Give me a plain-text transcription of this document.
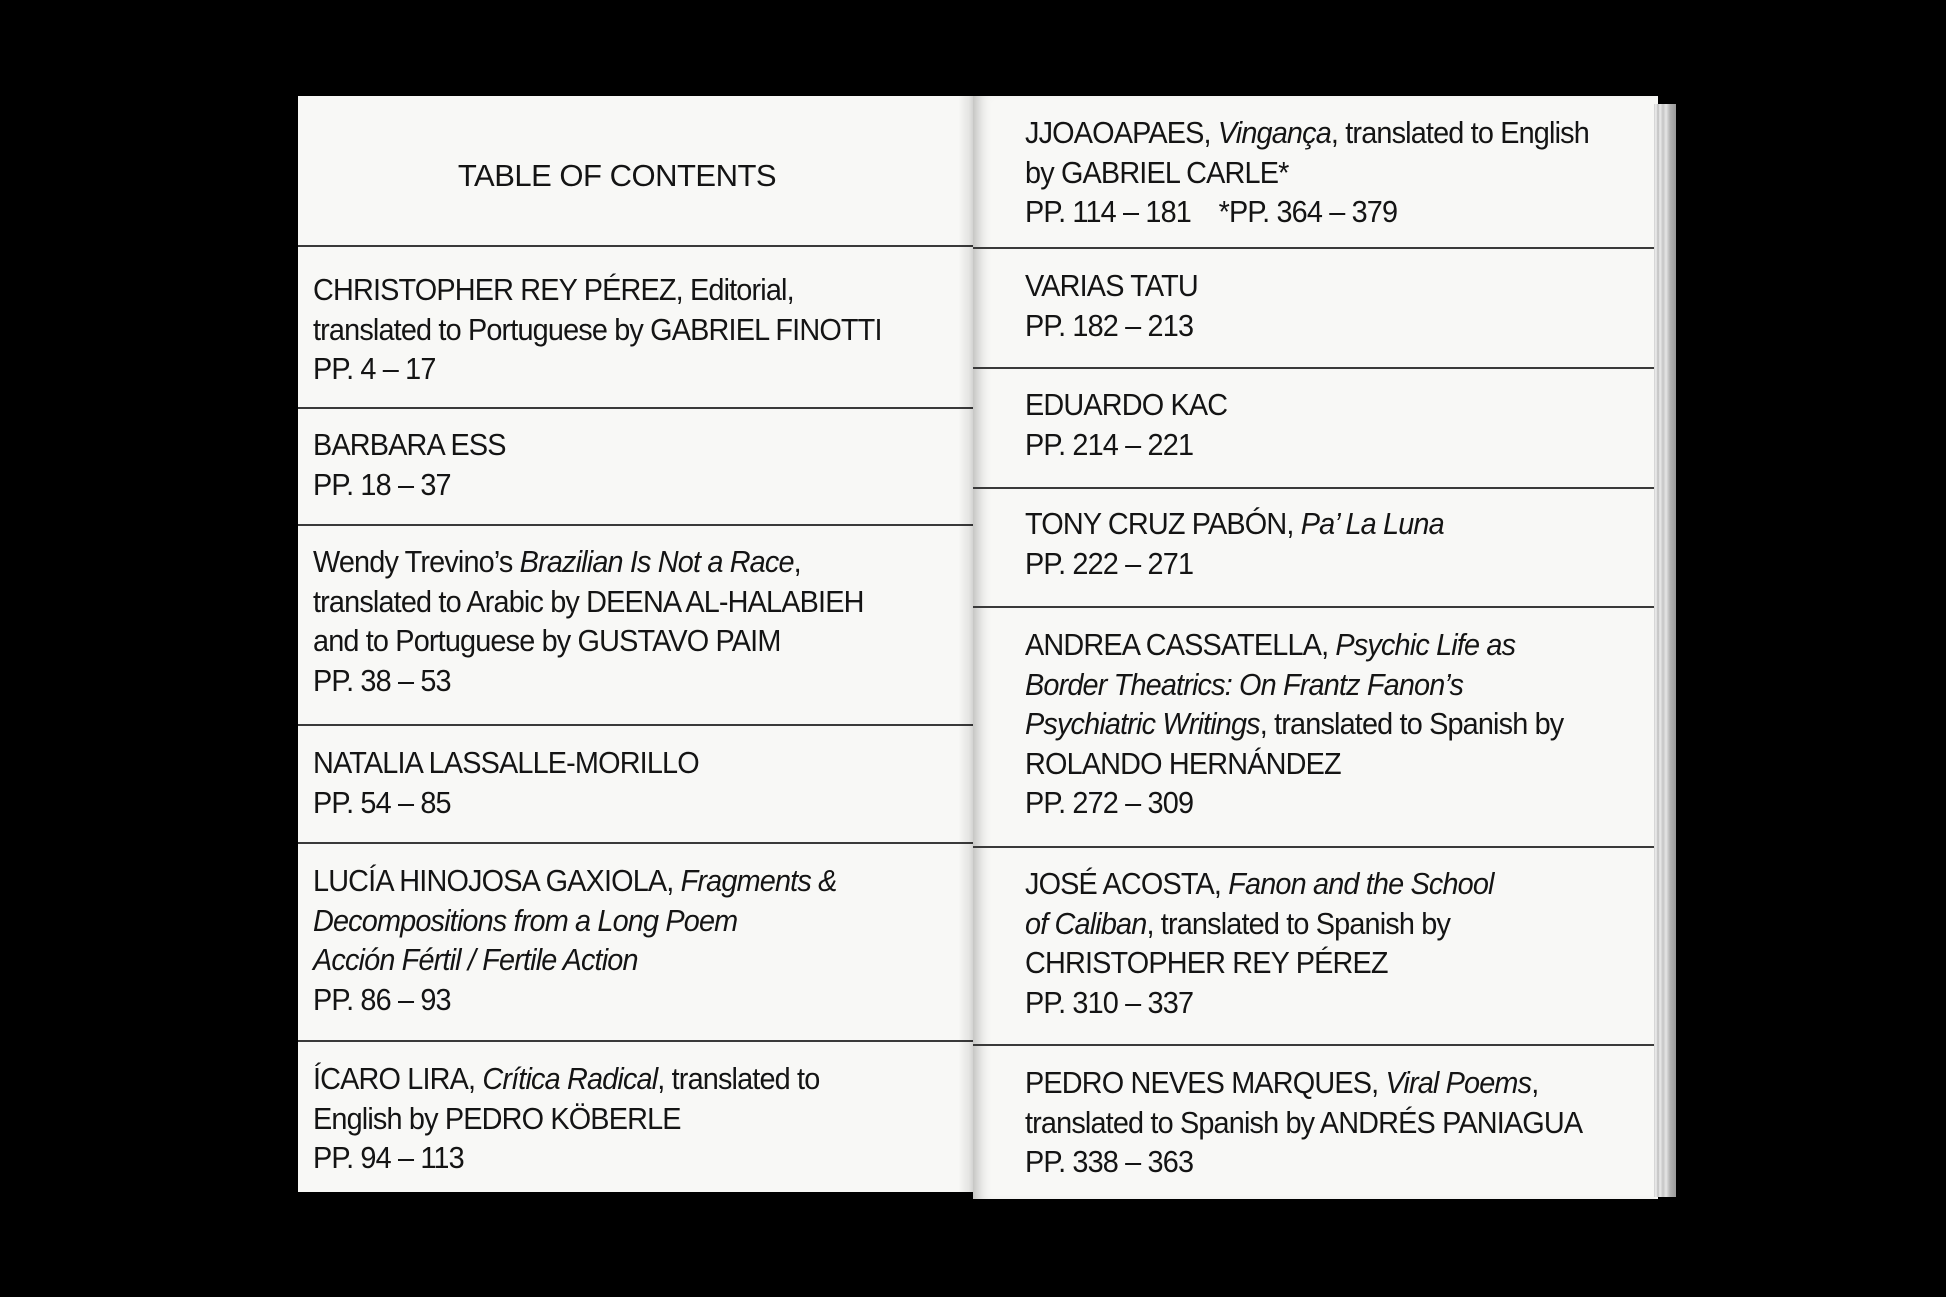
TABLE OF CONTENTS
CHRISTOPHER REY PÉREZ, Editorial,
translated to Portuguese by GABRIEL FINOTTI
PP. 4 – 17
BARBARA ESS
PP. 18 – 37
Wendy Trevino’s Brazilian Is Not a Race,
translated to Arabic by DEENA AL-HALABIEH
and to Portuguese by GUSTAVO PAIM
PP. 38 – 53
NATALIA LASSALLE-MORILLO
PP. 54 – 85
LUCÍA HINOJOSA GAXIOLA, Fragments &
Decompositions from a Long Poem
Acción Fértil / Fertile Action
PP. 86 – 93
ÍCARO LIRA, Crítica Radical, translated to
English by PEDRO KÖBERLE
PP. 94 – 113
JJOAOAPAES, Vingança, translated to English
by GABRIEL CARLE*
PP. 114 – 181 *PP. 364 – 379
VARIAS TATU
PP. 182 – 213
EDUARDO KAC
PP. 214 – 221
TONY CRUZ PABÓN, Pa’ La Luna
PP. 222 – 271
ANDREA CASSATELLA, Psychic Life as
Border Theatrics: On Frantz Fanon’s
Psychiatric Writings, translated to Spanish by
ROLANDO HERNÁNDEZ
PP. 272 – 309
JOSÉ ACOSTA, Fanon and the School
of Caliban, translated to Spanish by
CHRISTOPHER REY PÉREZ
PP. 310 – 337
PEDRO NEVES MARQUES, Viral Poems,
translated to Spanish by ANDRÉS PANIAGUA
PP. 338 – 363
